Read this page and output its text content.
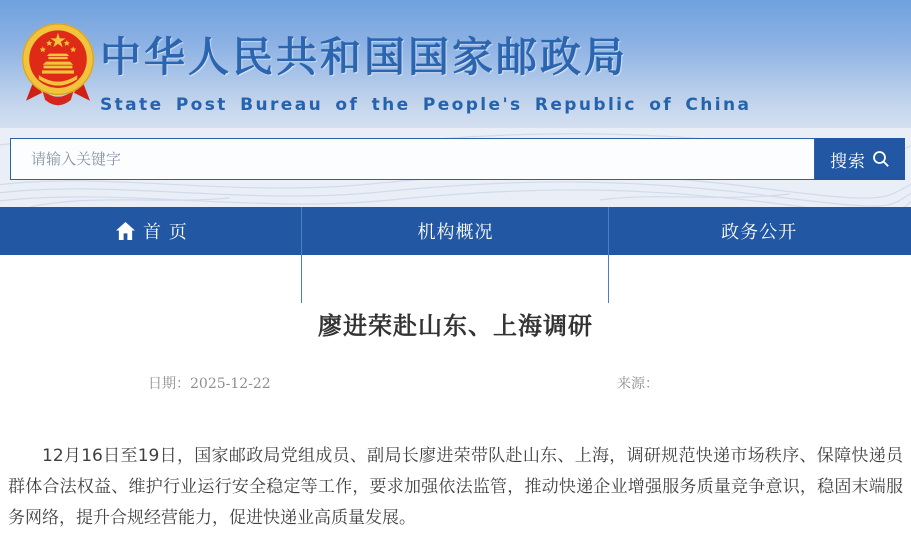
中华人民共和国国家邮政局
State Post Bureau of the People's Republic of China
请输入关键字
搜索
首 页	机构概况	政务公开
廖进荣赴山东、上海调研
日期：2025-12-22	来源：

12月16日至19日，国家邮政局党组成员、副局长廖进荣带队赴山东、上海，调研规范快递市场秩序、保障快递员群体合法权益、维护行业运行安全稳定等工作，要求加强依法监管，推动快递企业增强服务质量竞争意识，稳固末端服务网络，提升合规经营能力，促进快递业高质量发展。
